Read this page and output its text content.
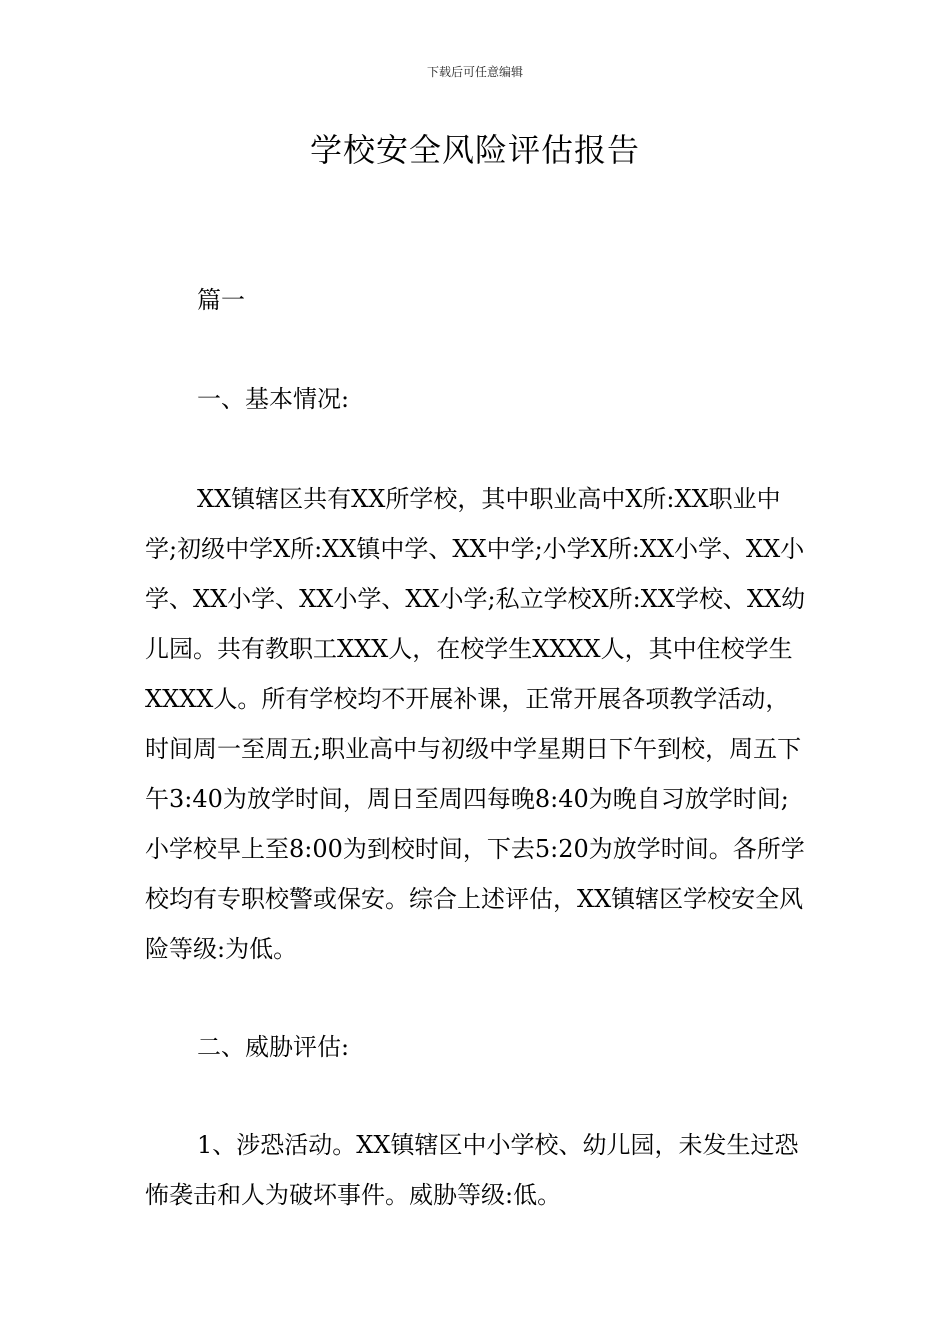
下载后可任意编辑
学校安全风险评估报告

篇一

一、基本情况:

XX镇辖区共有XX所学校，其中职业高中X所:XX职业中学;初级中学X所:XX镇中学、XX中学;小学X所:XX小学、XX小学、XX小学、XX小学、XX小学;私立学校X所:XX学校、XX幼儿园。共有教职工XXX人，在校学生XXXX人，其中住校学生XXXX人。所有学校均不开展补课，正常开展各项教学活动，时间周一至周五;职业高中与初级中学星期日下午到校，周五下午3:40为放学时间，周日至周四每晚8:40为晚自习放学时间;小学校早上至8:00为到校时间，下去5:20为放学时间。各所学校均有专职校警或保安。综合上述评估，XX镇辖区学校安全风险等级:为低。

二、威胁评估:

1、涉恐活动。XX镇辖区中小学校、幼儿园，未发生过恐怖袭击和人为破坏事件。威胁等级:低。
